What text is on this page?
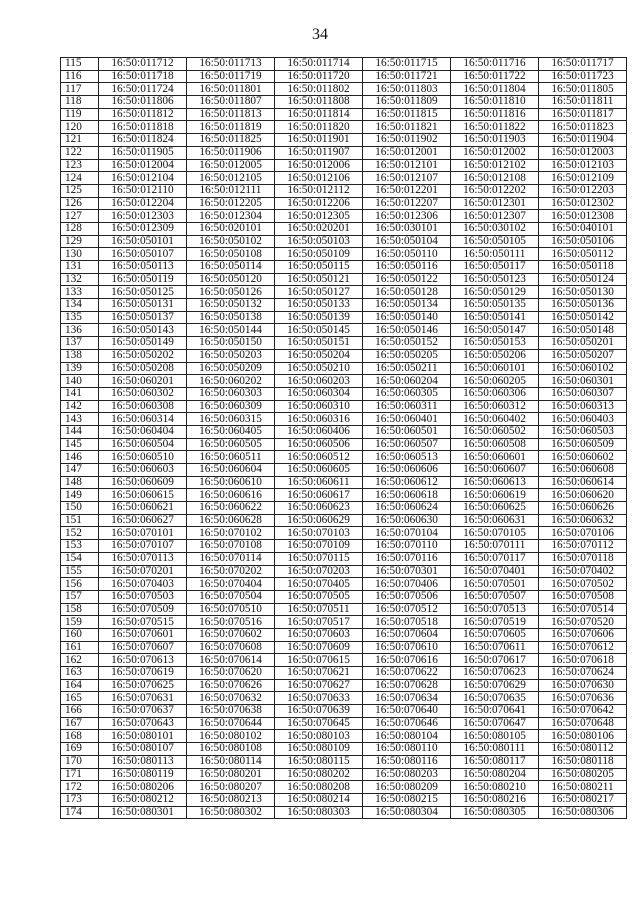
34
115	16:50:011712	16:50:011713	16:50:011714	16:50:011715	16:50:011716	16:50:011717
116	16:50:011718	16:50:011719	16:50:011720	16:50:011721	16:50:011722	16:50:011723
117	16:50:011724	16:50:011801	16:50:011802	16:50:011803	16:50:011804	16:50:011805
118	16:50:011806	16:50:011807	16:50:011808	16:50:011809	16:50:011810	16:50:011811
119	16:50:011812	16:50:011813	16:50:011814	16:50:011815	16:50:011816	16:50:011817
120	16:50:011818	16:50:011819	16:50:011820	16:50:011821	16:50:011822	16:50:011823
121	16:50:011824	16:50:011825	16:50:011901	16:50:011902	16:50:011903	16:50:011904
122	16:50:011905	16:50:011906	16:50:011907	16:50:012001	16:50:012002	16:50:012003
123	16:50:012004	16:50:012005	16:50:012006	16:50:012101	16:50:012102	16:50:012103
124	16:50:012104	16:50:012105	16:50:012106	16:50:012107	16:50:012108	16:50:012109
125	16:50:012110	16:50:012111	16:50:012112	16:50:012201	16:50:012202	16:50:012203
126	16:50:012204	16:50:012205	16:50:012206	16:50:012207	16:50:012301	16:50:012302
127	16:50:012303	16:50:012304	16:50:012305	16:50:012306	16:50:012307	16:50:012308
128	16:50:012309	16:50:020101	16:50:020201	16:50:030101	16:50:030102	16:50:040101
129	16:50:050101	16:50:050102	16:50:050103	16:50:050104	16:50:050105	16:50:050106
130	16:50:050107	16:50:050108	16:50:050109	16:50:050110	16:50:050111	16:50:050112
131	16:50:050113	16:50:050114	16:50:050115	16:50:050116	16:50:050117	16:50:050118
132	16:50:050119	16:50:050120	16:50:050121	16:50:050122	16:50:050123	16:50:050124
133	16:50:050125	16:50:050126	16:50:050127	16:50:050128	16:50:050129	16:50:050130
134	16:50:050131	16:50:050132	16:50:050133	16:50:050134	16:50:050135	16:50:050136
135	16:50:050137	16:50:050138	16:50:050139	16:50:050140	16:50:050141	16:50:050142
136	16:50:050143	16:50:050144	16:50:050145	16:50:050146	16:50:050147	16:50:050148
137	16:50:050149	16:50:050150	16:50:050151	16:50:050152	16:50:050153	16:50:050201
138	16:50:050202	16:50:050203	16:50:050204	16:50:050205	16:50:050206	16:50:050207
139	16:50:050208	16:50:050209	16:50:050210	16:50:050211	16:50:060101	16:50:060102
140	16:50:060201	16:50:060202	16:50:060203	16:50:060204	16:50:060205	16:50:060301
141	16:50:060302	16:50:060303	16:50:060304	16:50:060305	16:50:060306	16:50:060307
142	16:50:060308	16:50:060309	16:50:060310	16:50:060311	16:50:060312	16:50:060313
143	16:50:060314	16:50:060315	16:50:060316	16:50:060401	16:50:060402	16:50:060403
144	16:50:060404	16:50:060405	16:50:060406	16:50:060501	16:50:060502	16:50:060503
145	16:50:060504	16:50:060505	16:50:060506	16:50:060507	16:50:060508	16:50:060509
146	16:50:060510	16:50:060511	16:50:060512	16:50:060513	16:50:060601	16:50:060602
147	16:50:060603	16:50:060604	16:50:060605	16:50:060606	16:50:060607	16:50:060608
148	16:50:060609	16:50:060610	16:50:060611	16:50:060612	16:50:060613	16:50:060614
149	16:50:060615	16:50:060616	16:50:060617	16:50:060618	16:50:060619	16:50:060620
150	16:50:060621	16:50:060622	16:50:060623	16:50:060624	16:50:060625	16:50:060626
151	16:50:060627	16:50:060628	16:50:060629	16:50:060630	16:50:060631	16:50:060632
152	16:50:070101	16:50:070102	16:50:070103	16:50:070104	16:50:070105	16:50:070106
153	16:50:070107	16:50:070108	16:50:070109	16:50:070110	16:50:070111	16:50:070112
154	16:50:070113	16:50:070114	16:50:070115	16:50:070116	16:50:070117	16:50:070118
155	16:50:070201	16:50:070202	16:50:070203	16:50:070301	16:50:070401	16:50:070402
156	16:50:070403	16:50:070404	16:50:070405	16:50:070406	16:50:070501	16:50:070502
157	16:50:070503	16:50:070504	16:50:070505	16:50:070506	16:50:070507	16:50:070508
158	16:50:070509	16:50:070510	16:50:070511	16:50:070512	16:50:070513	16:50:070514
159	16:50:070515	16:50:070516	16:50:070517	16:50:070518	16:50:070519	16:50:070520
160	16:50:070601	16:50:070602	16:50:070603	16:50:070604	16:50:070605	16:50:070606
161	16:50:070607	16:50:070608	16:50:070609	16:50:070610	16:50:070611	16:50:070612
162	16:50:070613	16:50:070614	16:50:070615	16:50:070616	16:50:070617	16:50:070618
163	16:50:070619	16:50:070620	16:50:070621	16:50:070622	16:50:070623	16:50:070624
164	16:50:070625	16:50:070626	16:50:070627	16:50:070628	16:50:070629	16:50:070630
165	16:50:070631	16:50:070632	16:50:070633	16:50:070634	16:50:070635	16:50:070636
166	16:50:070637	16:50:070638	16:50:070639	16:50:070640	16:50:070641	16:50:070642
167	16:50:070643	16:50:070644	16:50:070645	16:50:070646	16:50:070647	16:50:070648
168	16:50:080101	16:50:080102	16:50:080103	16:50:080104	16:50:080105	16:50:080106
169	16:50:080107	16:50:080108	16:50:080109	16:50:080110	16:50:080111	16:50:080112
170	16:50:080113	16:50:080114	16:50:080115	16:50:080116	16:50:080117	16:50:080118
171	16:50:080119	16:50:080201	16:50:080202	16:50:080203	16:50:080204	16:50:080205
172	16:50:080206	16:50:080207	16:50:080208	16:50:080209	16:50:080210	16:50:080211
173	16:50:080212	16:50:080213	16:50:080214	16:50:080215	16:50:080216	16:50:080217
174	16:50:080301	16:50:080302	16:50:080303	16:50:080304	16:50:080305	16:50:080306
